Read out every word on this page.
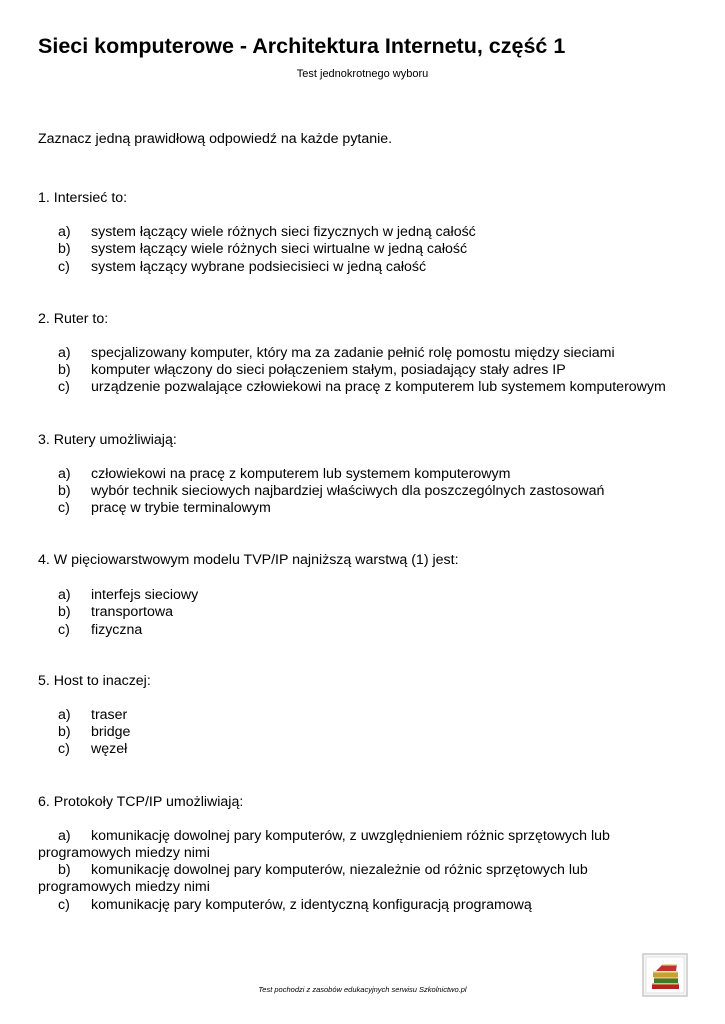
Sieci komputerowe - Architektura Internetu, część 1
Test jednokrotnego wyboru
Zaznacz jedną prawidłową odpowiedź na każde pytanie.
1. Intersieć to:
a) system łączący wiele różnych sieci fizycznych w jedną całość
b) system łączący wiele różnych sieci wirtualne w jedną całość
c) system łączący wybrane podsiecisieci w jedną całość
2. Ruter to:
a) specjalizowany komputer, który ma za zadanie pełnić rolę pomostu między sieciami
b) komputer włączony do sieci połączeniem stałym, posiadający stały adres IP
c) urządzenie pozwalające człowiekowi na pracę z komputerem lub systemem komputerowym
3. Rutery umożliwiają:
a) człowiekowi na pracę z komputerem lub systemem komputerowym
b) wybór technik sieciowych najbardziej właściwych dla poszczególnych zastosowań
c) pracę w trybie terminalowym
4. W pięciowarstwowym modelu TVP/IP najniższą warstwą (1) jest:
a) interfejs sieciowy
b) transportowa
c) fizyczna
5. Host to inaczej:
a) traser
b) bridge
c) węzeł
6. Protokoły TCP/IP umożliwiają:
a) komunikację dowolnej pary komputerów, z uwzględnieniem różnic sprzętowych lub
programowych miedzy nimi
b) komunikację dowolnej pary komputerów, niezależnie od różnic sprzętowych lub
programowych miedzy nimi
c) komunikację pary komputerów, z identyczną konfiguracją programową
Test pochodzi z zasobów edukacyjnych serwisu Szkolnictwo.pl
